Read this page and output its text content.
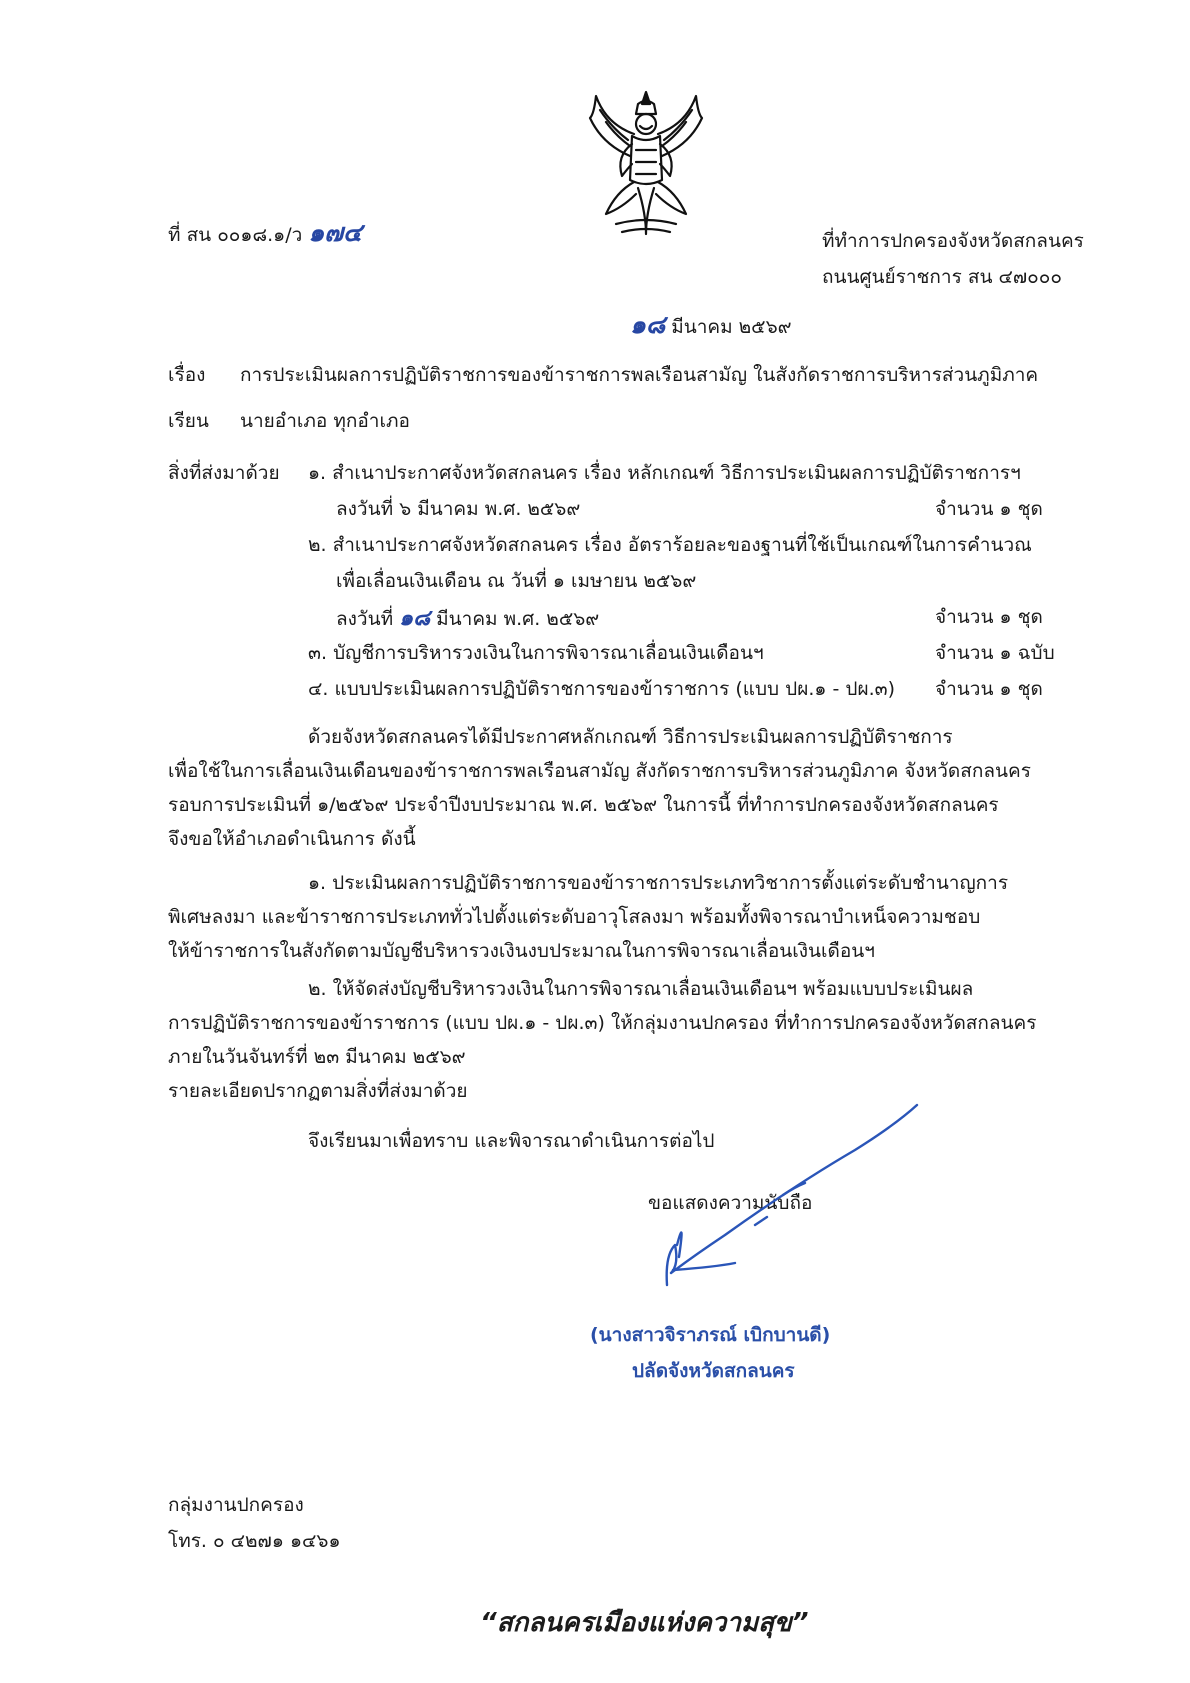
ที่ สน ๐๐๑๘.๑/ว ๑๗๔	ที่ทำการปกครองจังหวัดสกลนคร
ถนนศูนย์ราชการ สน ๔๗๐๐๐
๑๘ มีนาคม ๒๕๖๙
เรื่อง การประเมินผลการปฏิบัติราชการของข้าราชการพลเรือนสามัญ ในสังกัดราชการบริหารส่วนภูมิภาค
เรียน นายอำเภอ ทุกอำเภอ
สิ่งที่ส่งมาด้วย ๑. สำเนาประกาศจังหวัดสกลนคร เรื่อง หลักเกณฑ์ วิธีการประเมินผลการปฏิบัติราชการฯ
ลงวันที่ ๖ มีนาคม พ.ศ. ๒๕๖๙	จำนวน ๑ ชุด
๒. สำเนาประกาศจังหวัดสกลนคร เรื่อง อัตราร้อยละของฐานที่ใช้เป็นเกณฑ์ในการคำนวณ
เพื่อเลื่อนเงินเดือน ณ วันที่ ๑ เมษายน ๒๕๖๙
ลงวันที่ ๑๘ มีนาคม พ.ศ. ๒๕๖๙	จำนวน ๑ ชุด
๓. บัญชีการบริหารวงเงินในการพิจารณาเลื่อนเงินเดือนฯ	จำนวน ๑ ฉบับ
๔. แบบประเมินผลการปฏิบัติราชการของข้าราชการ (แบบ ปผ.๑ - ปผ.๓) จำนวน ๑ ชุด
ด้วยจังหวัดสกลนครได้มีประกาศหลักเกณฑ์ วิธีการประเมินผลการปฏิบัติราชการ
เพื่อใช้ในการเลื่อนเงินเดือนของข้าราชการพลเรือนสามัญ สังกัดราชการบริหารส่วนภูมิภาค จังหวัดสกลนคร
รอบการประเมินที่ ๑/๒๕๖๙ ประจำปีงบประมาณ พ.ศ. ๒๕๖๙ ในการนี้ ที่ทำการปกครองจังหวัดสกลนคร
จึงขอให้อำเภอดำเนินการ ดังนี้
๑. ประเมินผลการปฏิบัติราชการของข้าราชการประเภทวิชาการตั้งแต่ระดับชำนาญการ
พิเศษลงมา และข้าราชการประเภททั่วไปตั้งแต่ระดับอาวุโสลงมา พร้อมทั้งพิจารณาบำเหน็จความชอบ
ให้ข้าราชการในสังกัดตามบัญชีบริหารวงเงินงบประมาณในการพิจารณาเลื่อนเงินเดือนฯ
๒. ให้จัดส่งบัญชีบริหารวงเงินในการพิจารณาเลื่อนเงินเดือนฯ พร้อมแบบประเมินผล
การปฏิบัติราชการของข้าราชการ (แบบ ปผ.๑ - ปผ.๓) ให้กลุ่มงานปกครอง ที่ทำการปกครองจังหวัดสกลนคร
ภายในวันจันทร์ที่ ๒๓ มีนาคม ๒๕๖๙
รายละเอียดปรากฏตามสิ่งที่ส่งมาด้วย
จึงเรียนมาเพื่อทราบ และพิจารณาดำเนินการต่อไป
ขอแสดงความนับถือ
(นางสาวจิราภรณ์ เบิกบานดี)
ปลัดจังหวัดสกลนคร
กลุ่มงานปกครอง
โทร. ๐ ๔๒๗๑ ๑๔๖๑
“สกลนครเมืองแห่งความสุข”
